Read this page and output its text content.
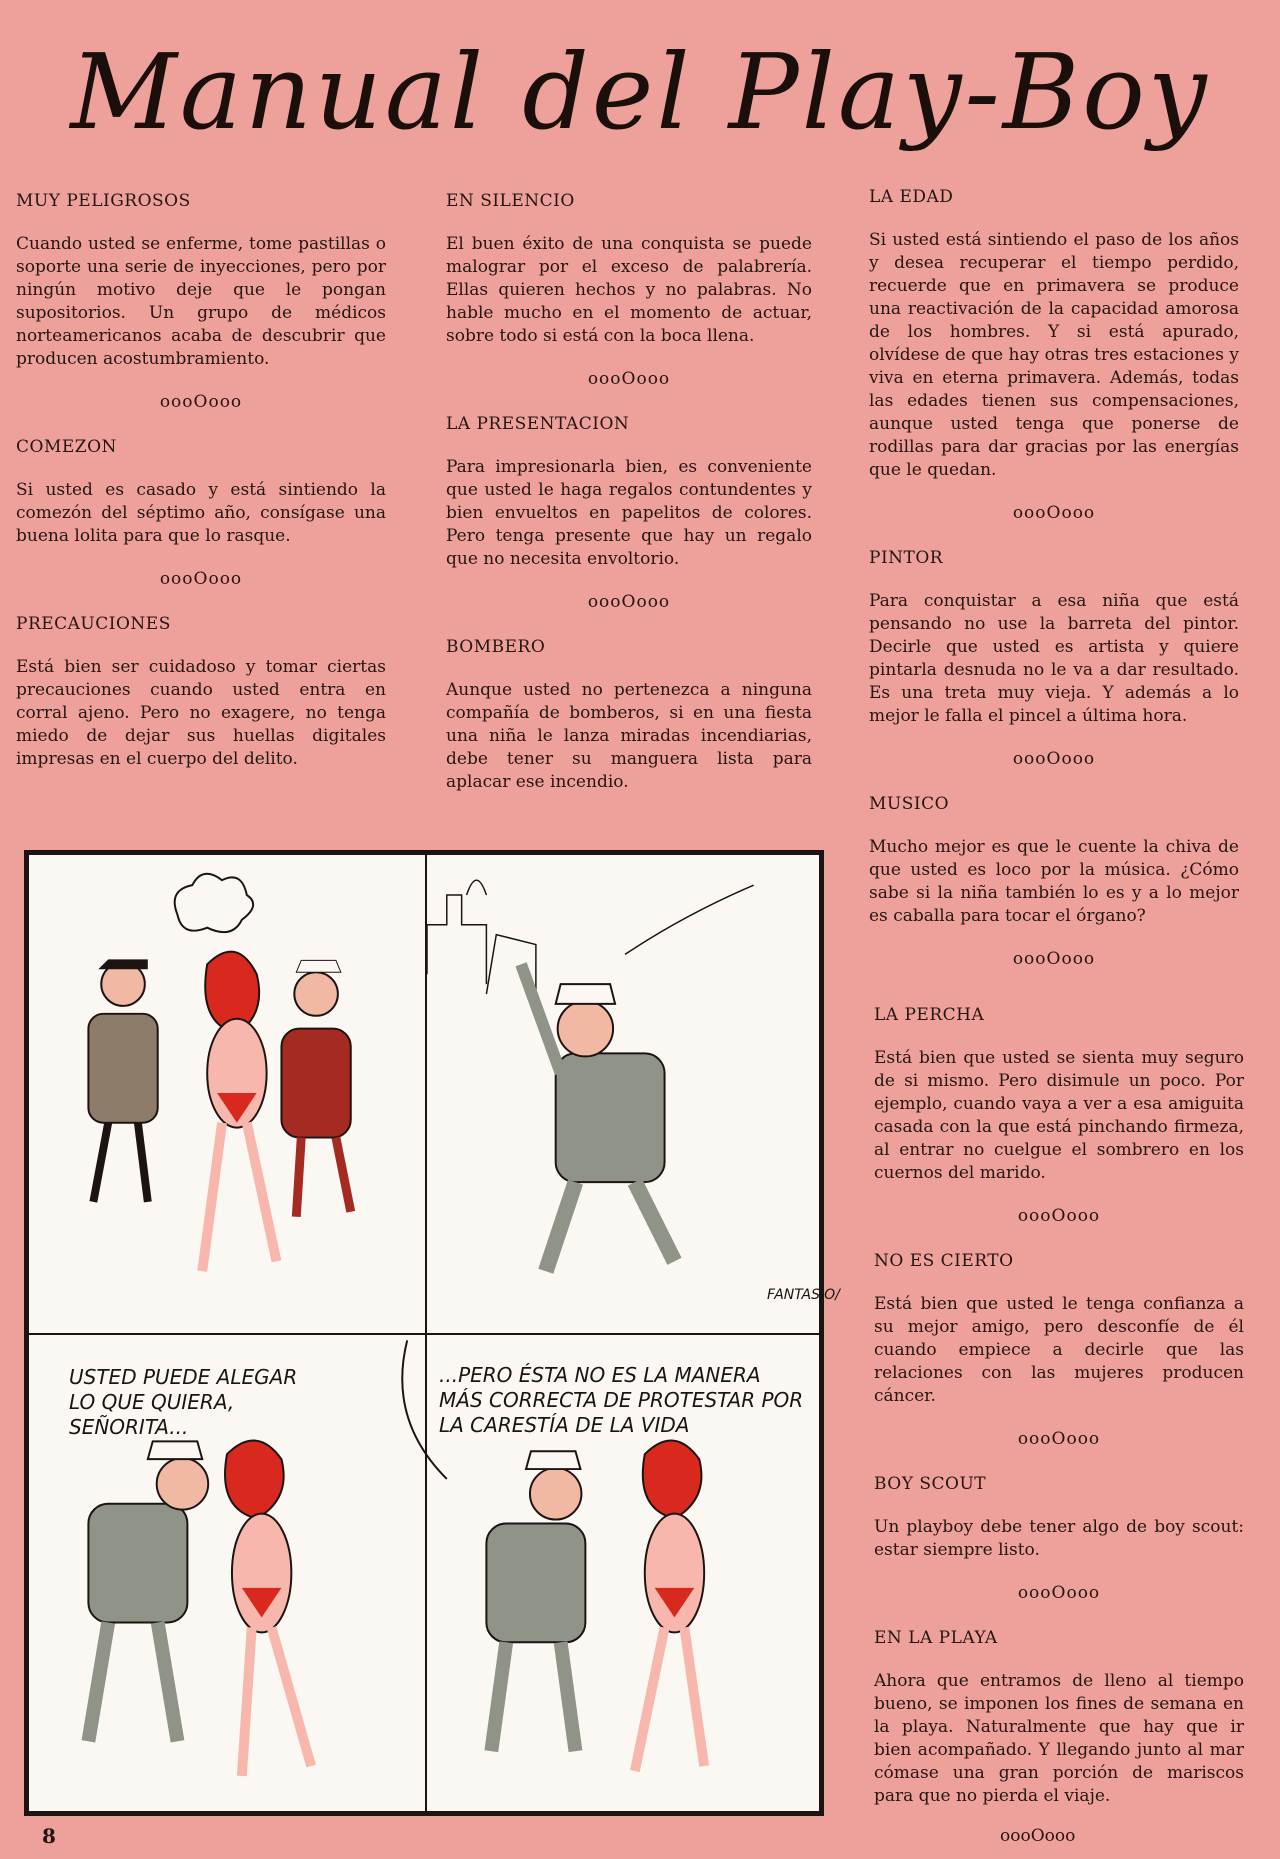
Manual del Play-Boy
MUY PELIGROSOS

Cuando usted se enferme, tome pastillas o soporte una serie de inyecciones, pero por ningún motivo deje que le pongan supositorios. Un grupo de médicos norteamericanos acaba de descubrir que producen acostumbramiento.

oooOooo
COMEZON

Si usted es casado y está sintiendo la comezón del séptimo año, consígase una buena lolita para que lo rasque.

oooOooo
PRECAUCIONES

Está bien ser cuidadoso y tomar ciertas precauciones cuando usted entra en corral ajeno. Pero no exagere, no tenga miedo de dejar sus huellas digitales impresas en el cuerpo del delito.

EN SILENCIO

El buen éxito de una conquista se puede malograr por el exceso de palabrería. Ellas quieren hechos y no palabras. No hable mucho en el momento de actuar, sobre todo si está con la boca llena.

oooOooo
LA PRESENTACION

Para impresionarla bien, es conveniente que usted le haga regalos contundentes y bien envueltos en papelitos de colores. Pero tenga presente que hay un regalo que no necesita envoltorio.

oooOooo
BOMBERO

Aunque usted no pertenezca a ninguna compañía de bomberos, si en una fiesta una niña le lanza miradas incendiarias, debe tener su manguera lista para aplacar ese incendio.

LA EDAD

Si usted está sintiendo el paso de los años y desea recuperar el tiempo perdido, recuerde que en primavera se produce una reactivación de la capacidad amorosa de los hombres. Y si está apurado, olvídese de que hay otras tres estaciones y viva en eterna primavera. Además, todas las edades tienen sus compensaciones, aunque usted tenga que ponerse de rodillas para dar gracias por las energías que le quedan.

oooOooo
PINTOR

Para conquistar a esa niña que está pensando no use la barreta del pintor. Decirle que usted es artista y quiere pintarla desnuda no le va a dar resultado. Es una treta muy vieja. Y además a lo mejor le falla el pincel a última hora.

oooOooo
MUSICO

Mucho mejor es que le cuente la chiva de que usted es loco por la música. ¿Cómo sabe si la niña también lo es y a lo mejor es caballa para tocar el órgano?

oooOooo
LA PERCHA

Está bien que usted se sienta muy seguro de si mismo. Pero disimule un poco. Por ejemplo, cuando vaya a ver a esa amiguita casada con la que está pinchando firmeza, al entrar no cuelgue el sombrero en los cuernos del marido.

oooOooo
NO ES CIERTO

Está bien que usted le tenga confianza a su mejor amigo, pero desconfíe de él cuando empiece a decirle que las relaciones con las mujeres producen cáncer.

oooOooo
BOY SCOUT

Un playboy debe tener algo de boy scout: estar siempre listo.

oooOooo
EN LA PLAYA

Ahora que entramos de lleno al tiempo bueno, se imponen los fines de semana en la playa. Naturalmente que hay que ir bien acompañado. Y llegando junto al mar cómase una gran porción de mariscos para que no pierda el viaje.

FANTASIO/
USTED PUEDE ALEGAR LO QUE QUIERA, SEÑORITA...
...PERO ÉSTA NO ES LA MANERA MÁS CORRECTA DE PROTESTAR POR LA CARESTÍA DE LA VIDA
8	oooOooo
